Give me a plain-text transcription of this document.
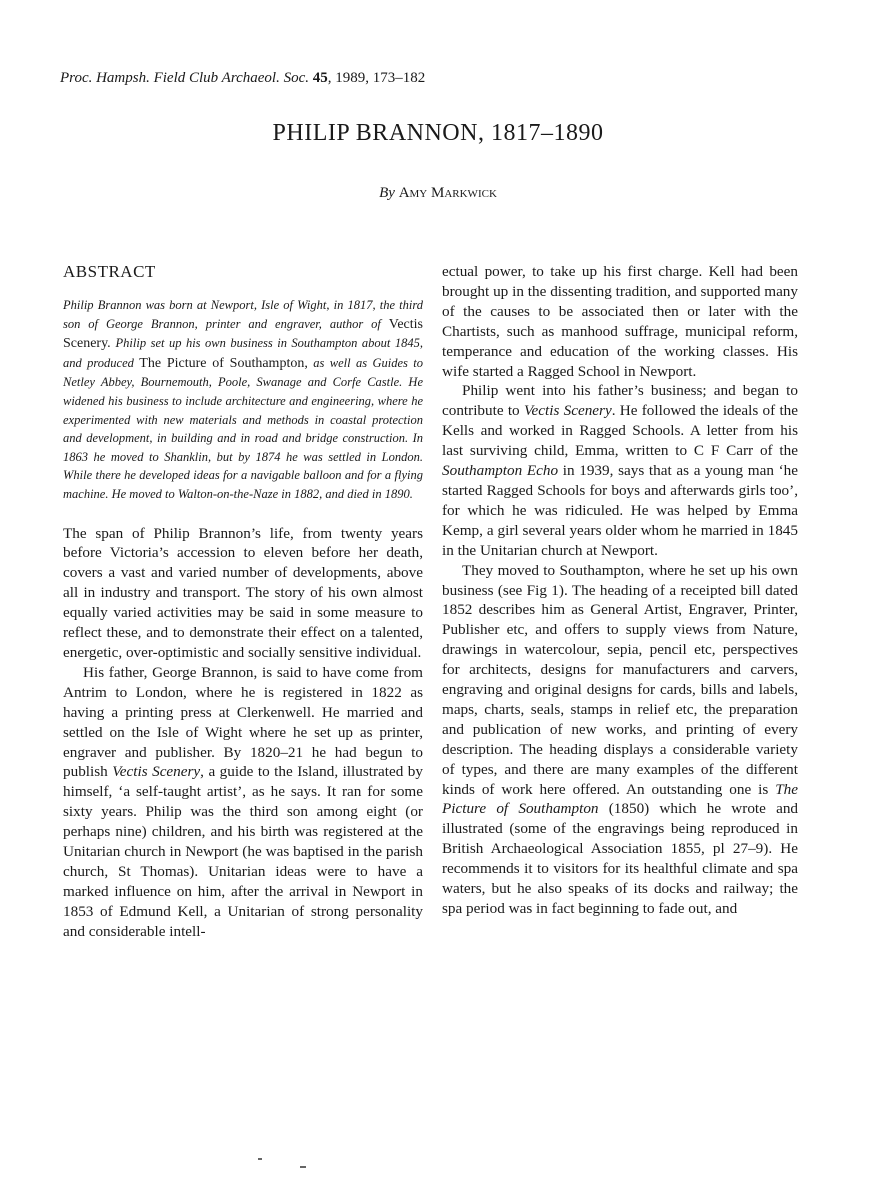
Proc. Hampsh. Field Club Archaeol. Soc. 45, 1989, 173–182
PHILIP BRANNON, 1817–1890
By Amy Markwick
ABSTRACT

Philip Brannon was born at Newport, Isle of Wight, in 1817, the third son of George Brannon, printer and engraver, author of Vectis Scenery. Philip set up his own business in Southampton about 1845, and produced The Picture of Southampton, as well as Guides to Netley Abbey, Bournemouth, Poole, Swanage and Corfe Castle. He widened his business to include architecture and engineering, where he experimented with new materials and methods in coastal protection and development, in building and in road and bridge construction. In 1863 he moved to Shanklin, but by 1874 he was settled in London. While there he developed ideas for a navigable balloon and for a flying machine. He moved to Walton-on-the-Naze in 1882, and died in 1890.

The span of Philip Brannon’s life, from twenty years before Victoria’s accession to eleven before her death, covers a vast and varied number of developments, above all in industry and transport. The story of his own almost equally varied activities may be said in some measure to reflect these, and to demonstrate their effect on a talented, energetic, over-optimistic and socially sensitive individual.

His father, George Brannon, is said to have come from Antrim to London, where he is registered in 1822 as having a printing press at Clerkenwell. He married and settled on the Isle of Wight where he set up as printer, engraver and publisher. By 1820–21 he had begun to publish Vectis Scenery, a guide to the Island, illustrated by himself, ‘a self-taught artist’, as he says. It ran for some sixty years. Philip was the third son among eight (or perhaps nine) children, and his birth was registered at the Unitarian church in Newport (he was baptised in the parish church, St Thomas). Unitarian ideas were to have a marked influence on him, after the arrival in Newport in 1853 of Edmund Kell, a Unitarian of strong personality and considerable intell-

ectual power, to take up his first charge. Kell had been brought up in the dissenting tradition, and supported many of the causes to be associated then or later with the Chartists, such as manhood suffrage, municipal reform, temperance and education of the working classes. His wife started a Ragged School in Newport.

Philip went into his father’s business; and began to contribute to Vectis Scenery. He followed the ideals of the Kells and worked in Ragged Schools. A letter from his last surviving child, Emma, written to C F Carr of the Southampton Echo in 1939, says that as a young man ‘he started Ragged Schools for boys and afterwards girls too’, for which he was ridiculed. He was helped by Emma Kemp, a girl several years older whom he married in 1845 in the Unitarian church at Newport.

They moved to Southampton, where he set up his own business (see Fig 1). The heading of a receipted bill dated 1852 describes him as General Artist, Engraver, Printer, Publisher etc, and offers to supply views from Nature, drawings in watercolour, sepia, pencil etc, perspectives for architects, designs for manufacturers and carvers, engraving and original designs for cards, bills and labels, maps, charts, seals, stamps in relief etc, the preparation and publication of new works, and printing of every description. The heading displays a considerable variety of types, and there are many examples of the different kinds of work here offered. An outstanding one is The Picture of Southampton (1850) which he wrote and illustrated (some of the engravings being reproduced in British Archaeological Association 1855, pl 27–9). He recommends it to visitors for its healthful climate and spa waters, but he also speaks of its docks and railway; the spa period was in fact beginning to fade out, and
